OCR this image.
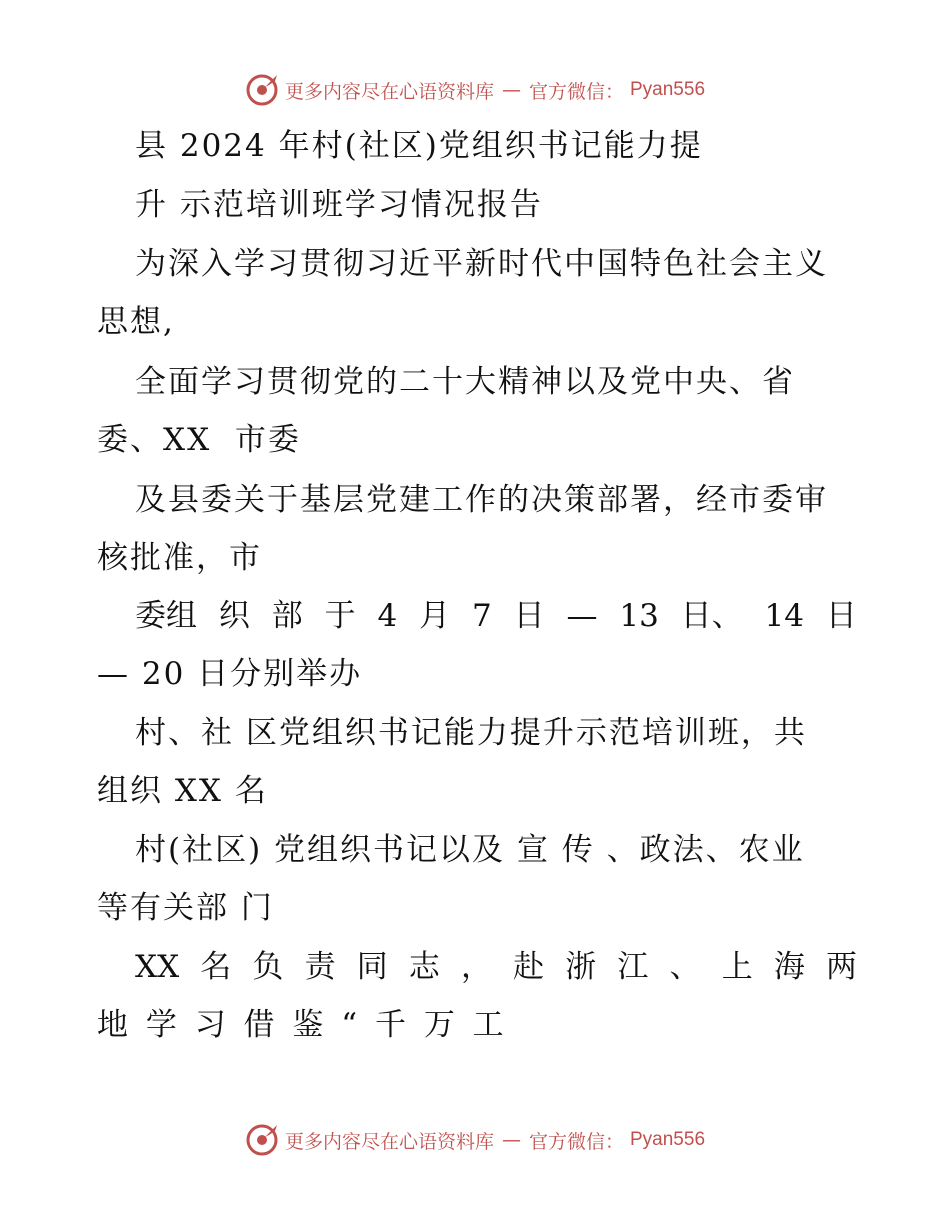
更多内容尽在心语资料库 — 官方微信： Pyan556
县 2024 年村(社区)党组织书记能力提
升 示范培训班学习情况报告
为深入学习贯彻习近平新时代中国特色社会主义
思想,
全面学习贯彻党的二十大精神以及党中央、省
委、XX  市委
及县委关于基层党建工作的决策部署，经市委审
核批准，市
委组 织 部 于 4 月 7 日 — 13 日、 14 日
— 20 日分别举办
村、社 区党组织书记能力提升示范培训班，共
组织 XX 名
村(社区) 党组织书记以及 宣 传 、政法、农业
等有关部 门
XX 名 负 责 同 志 ， 赴 浙 江 、 上 海 两
地 学 习 借 鉴 “ 千 万 工
更多内容尽在心语资料库 — 官方微信： Pyan556
